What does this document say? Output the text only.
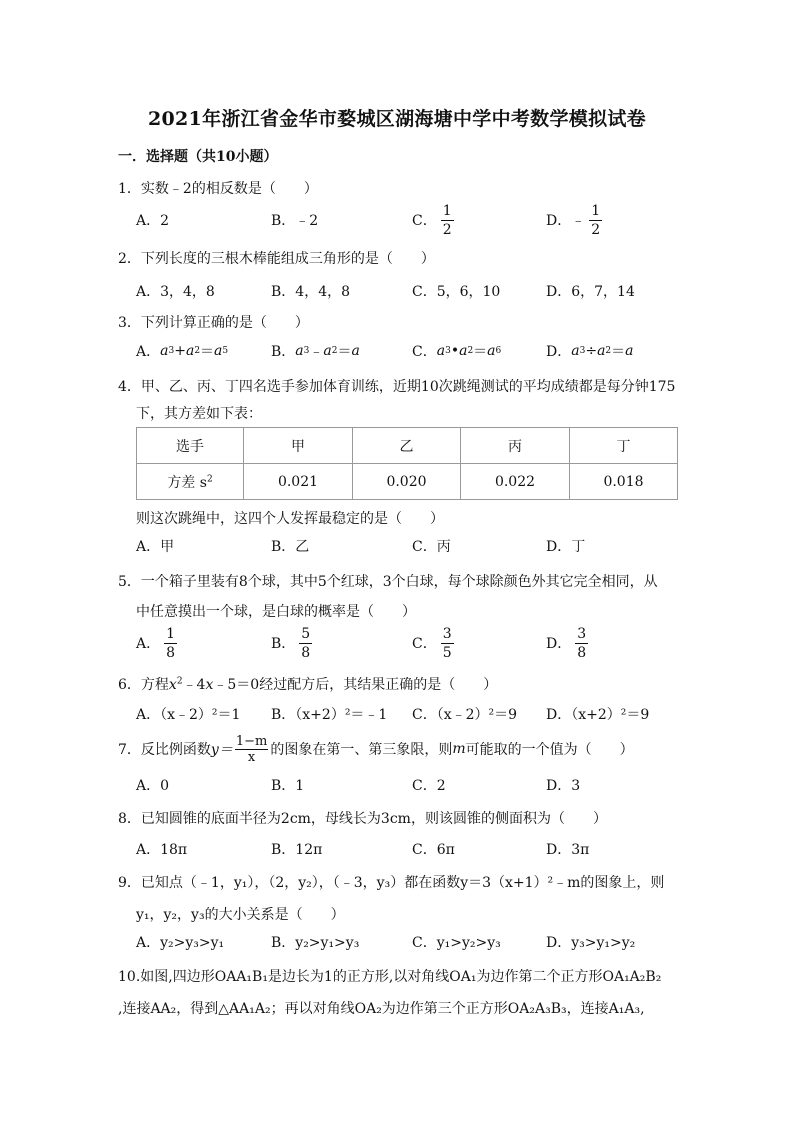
2021年浙江省金华市婺城区湖海塘中学中考数学模拟试卷
一．选择题（共10小题）
1．实数﹣2的相反数是（　　）
A．2	B．﹣2	C． $\frac{1}{2}$	D．﹣ $\frac{1}{2}$
2．下列长度的三根木棒能组成三角形的是（　　）
A．3，4，8	B．4，4，8	C．5，6，10	D．6，7，14
3．下列计算正确的是（　　）
A． a 3 + a 2 ＝ a 5	B． a 3 ﹣ a 2 ＝ a	C． a 3 • a 2 ＝ a 6	D． a 3 ÷ a 2 ＝ a
4．甲、乙、丙、丁四名选手参加体育训练，近期10次跳绳测试的平均成绩都是每分钟175
下，其方差如下表：
选手	甲	乙	丙	丁
方差 $s^2$	0.021	0.020	0.022	0.018
则这次跳绳中，这四个人发挥最稳定的是（　　）
A．甲	B．乙	C．丙	D．丁
5．一个箱子里装有8个球，其中5个红球，3个白球，每个球除颜色外其它完全相同，从
中任意摸出一个球，是白球的概率是（　　）
A． $\frac{1}{8}$	B． $\frac{5}{8}$	C． $\frac{3}{5}$	D． $\frac{3}{8}$
6．方程$x^2﹣4x﹣5=0$经过配方后，其结果正确的是（　　）
A．（x﹣2）²＝1 B．（x+2）²＝﹣1 C．（x﹣2）²＝9 D．（x+2）²＝9
7．反比例函数 $y= \frac{1-m}{x}$ 的图象在第一、第三象限，则 m 可能取的一个值为（　　）
A．0	B．1	C．2	D．3
8．已知圆锥的底面半径为2cm，母线长为3cm，则该圆锥的侧面积为（　　）
A．18π	B．12π	C．6π	D．3π
9．已知点（﹣1，y₁），（2，y₂），（﹣3，y₃）都在函数y＝3（x+1）²﹣m的图象上，则
y₁，y₂，y₃的大小关系是（　　）
A．y₂>y₃>y₁	B．y₂>y₁>y₃	C．y₁>y₂>y₃	D．y₃>y₁>y₂
10.如图,四边形OAA₁B₁是边长为1的正方形,以对角线OA₁为边作第二个正方形OA₁A₂B₂
,连接AA₂，得到△AA₁A₂；再以对角线OA₂为边作第三个正方形OA₂A₃B₃，连接A₁A₃,
